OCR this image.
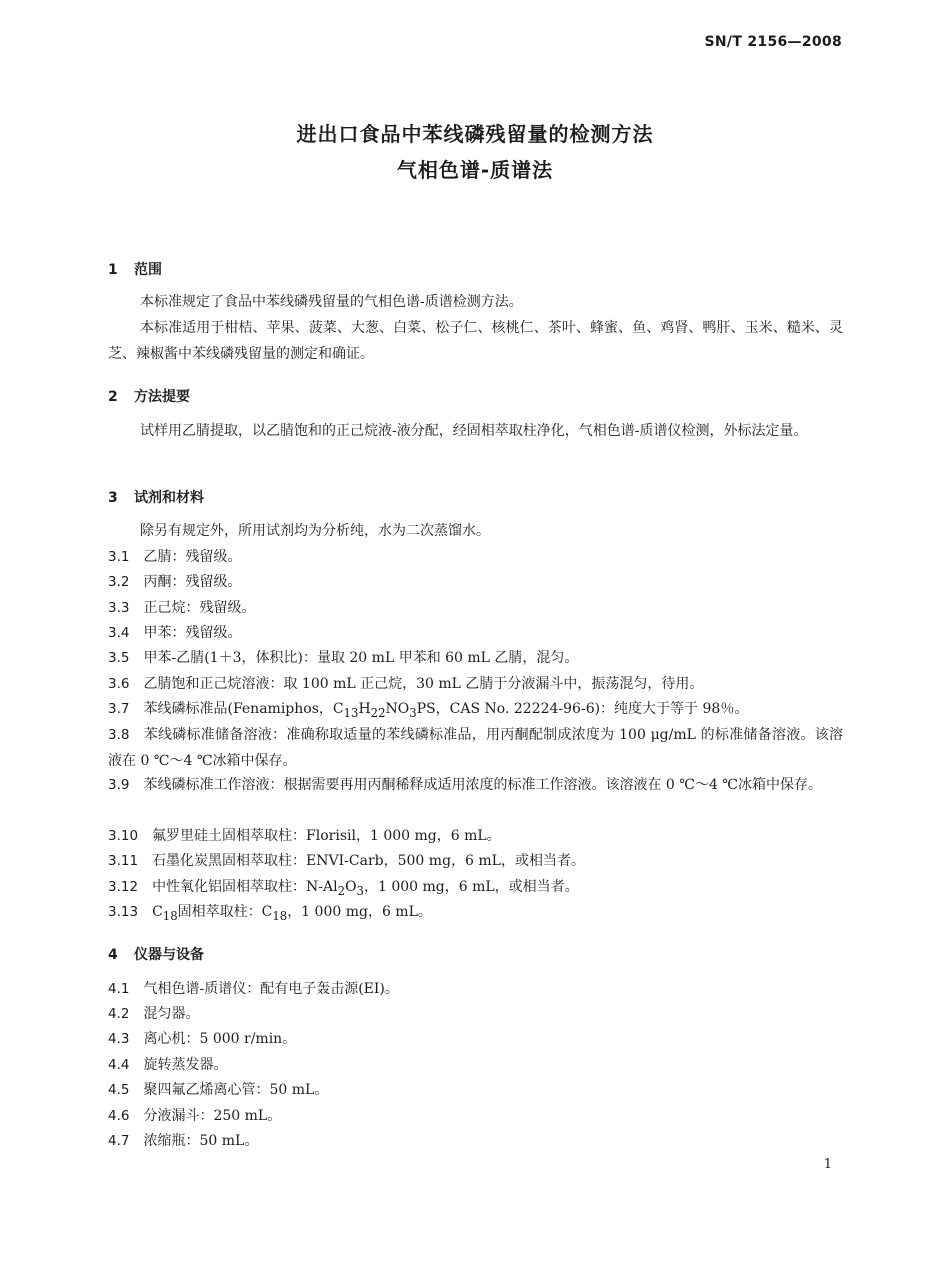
SN/T 2156—2008
进出口食品中苯线磷残留量的检测方法
气相色谱-质谱法
1 范围
本标准规定了食品中苯线磷残留量的气相色谱-质谱检测方法。
本标准适用于柑桔、苹果、菠菜、大葱、白菜、松子仁、核桃仁、茶叶、蜂蜜、鱼、鸡肾、鸭肝、玉米、糙米、灵芝、辣椒酱中苯线磷残留量的测定和确证。
2 方法提要
试样用乙腈提取，以乙腈饱和的正己烷液-液分配，经固相萃取柱净化，气相色谱-质谱仪检测，外标法定量。
3 试剂和材料
除另有规定外，所用试剂均为分析纯，水为二次蒸馏水。
3.1 乙腈：残留级。
3.2 丙酮：残留级。
3.3 正己烷：残留级。
3.4 甲苯：残留级。
3.5 甲苯-乙腈(1＋3，体积比)：量取 20 mL 甲苯和 60 mL 乙腈，混匀。
3.6 乙腈饱和正己烷溶液：取 100 mL 正己烷，30 mL 乙腈于分液漏斗中，振荡混匀，待用。
3.7 苯线磷标准品(Fenamiphos，$C_{13}H_{22}NO_3PS$，CAS No. 22224-96-6)：纯度大于等于 98％。
3.8 苯线磷标准储备溶液：准确称取适量的苯线磷标准品，用丙酮配制成浓度为 100 μg/mL 的标准储备溶液。该溶液在 0 ℃～4 ℃冰箱中保存。
3.9 苯线磷标准工作溶液：根据需要再用丙酮稀释成适用浓度的标准工作溶液。该溶液在 0 ℃～4 ℃冰箱中保存。
3.10 氟罗里硅土固相萃取柱：Florisil，1 000 mg，6 mL。
3.11 石墨化炭黑固相萃取柱：ENVI-Carb，500 mg，6 mL，或相当者。
3.12 中性氧化铝固相萃取柱：$N-Al_2O_3$，1 000 mg，6 mL，或相当者。
3.13 $C_{18}$固相萃取柱：$C_{18}$，1 000 mg，6 mL。
4 仪器与设备
4.1 气相色谱-质谱仪：配有电子轰击源(EI)。
4.2 混匀器。
4.3 离心机：5 000 r/min。
4.4 旋转蒸发器。
4.5 聚四氟乙烯离心管：50 mL。
4.6 分液漏斗：250 mL。
4.7 浓缩瓶：50 mL。
1
